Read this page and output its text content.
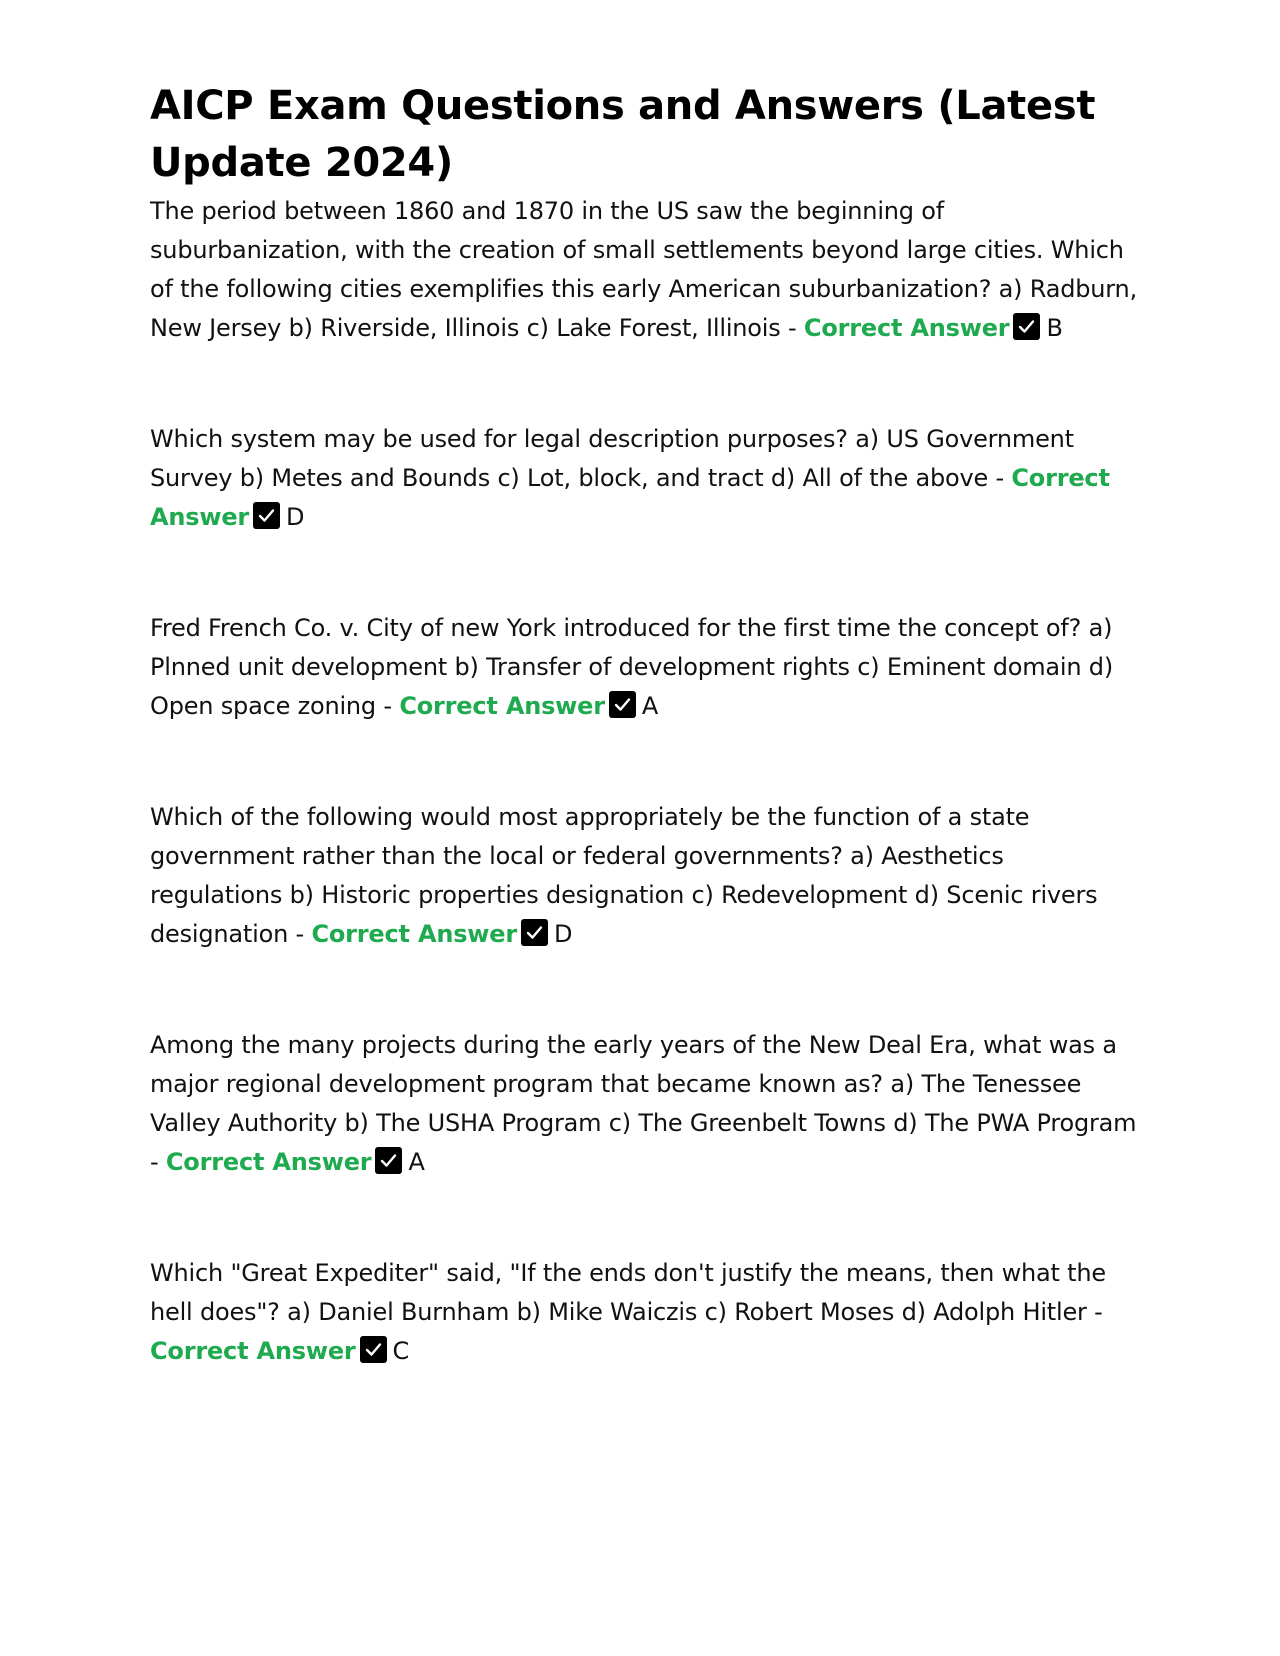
AICP Exam Questions and Answers (Latest Update 2024)

The period between 1860 and 1870 in the US saw the beginning of suburbanization, with the creation of small settlements beyond large cities. Which of the following cities exemplifies this early American suburbanization? a) Radburn, New Jersey b) Riverside, Illinois c) Lake Forest, Illinois - Correct Answer B

Which system may be used for legal description purposes? a) US Government Survey b) Metes and Bounds c) Lot, block, and tract d) All of the above - Correct Answer D

Fred French Co. v. City of new York introduced for the first time the concept of? a) Plnned unit development b) Transfer of development rights c) Eminent domain d) Open space zoning - Correct Answer A

Which of the following would most appropriately be the function of a state government rather than the local or federal governments? a) Aesthetics regulations b) Historic properties designation c) Redevelopment d) Scenic rivers designation - Correct Answer D

Among the many projects during the early years of the New Deal Era, what was a major regional development program that became known as? a) The Tenessee Valley Authority b) The USHA Program c) The Greenbelt Towns d) The PWA Program - Correct Answer A

Which "Great Expediter" said, "If the ends don't justify the means, then what the hell does"? a) Daniel Burnham b) Mike Waiczis c) Robert Moses d) Adolph Hitler - Correct Answer C
